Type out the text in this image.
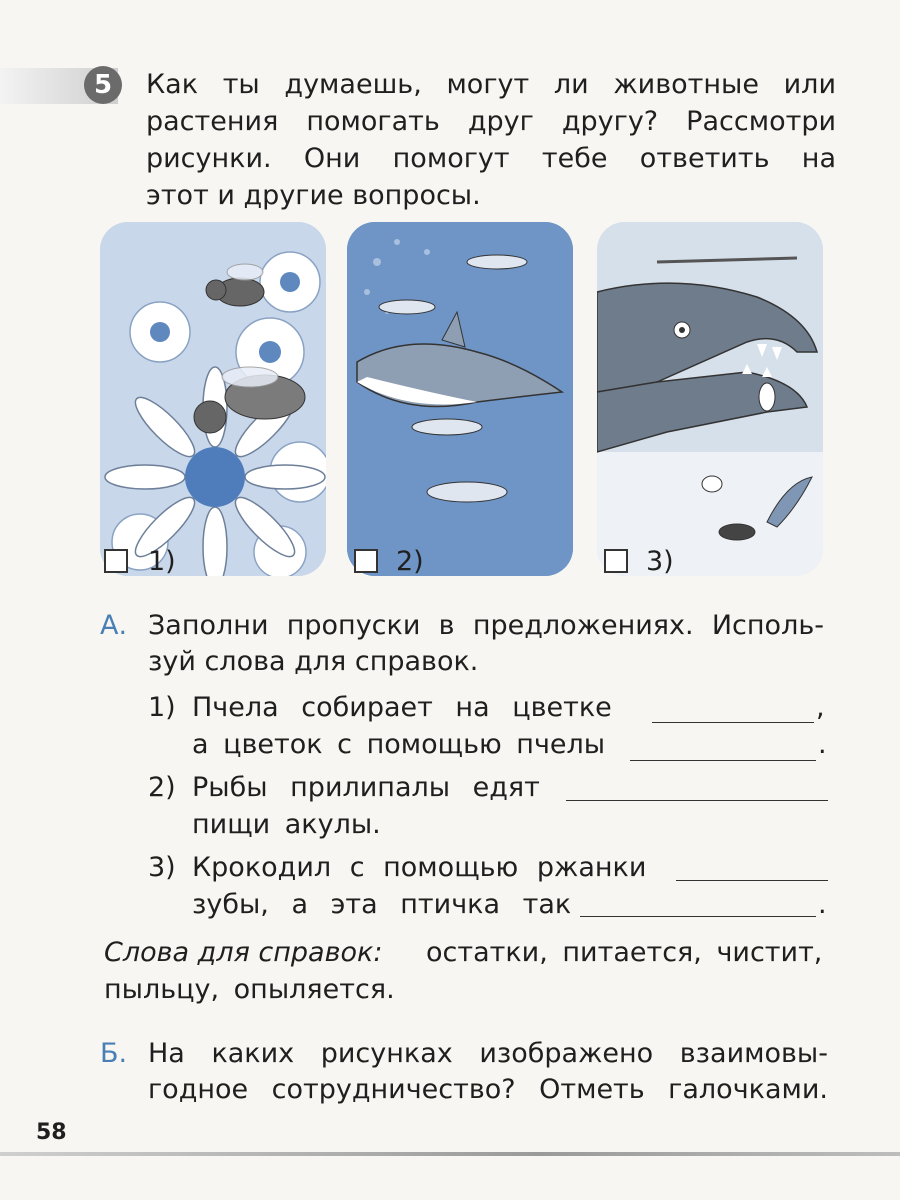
5	Как ты думаешь, могут ли животные или
растения помогать друг другу? Рассмотри
рисунки. Они помогут тебе ответить на
этот и другие вопросы.

1)	2)	3)
А. Заполни пропуски в предложениях. Исполь-
зуй слова для справок.

1) Пчела собирает на цветке	,
а цветок с помощью пчелы	.
2) Рыбы прилипалы едят
пищи акулы.
3) Крокодил с помощью ржанки
зубы, а эта птичка так	.
Слова для справок: остатки, питается, чистит,
пыльцу, опыляется.
Б. На каких рисунках изображено взаимовы-
годное сотрудничество? Отметь галочками.

58
